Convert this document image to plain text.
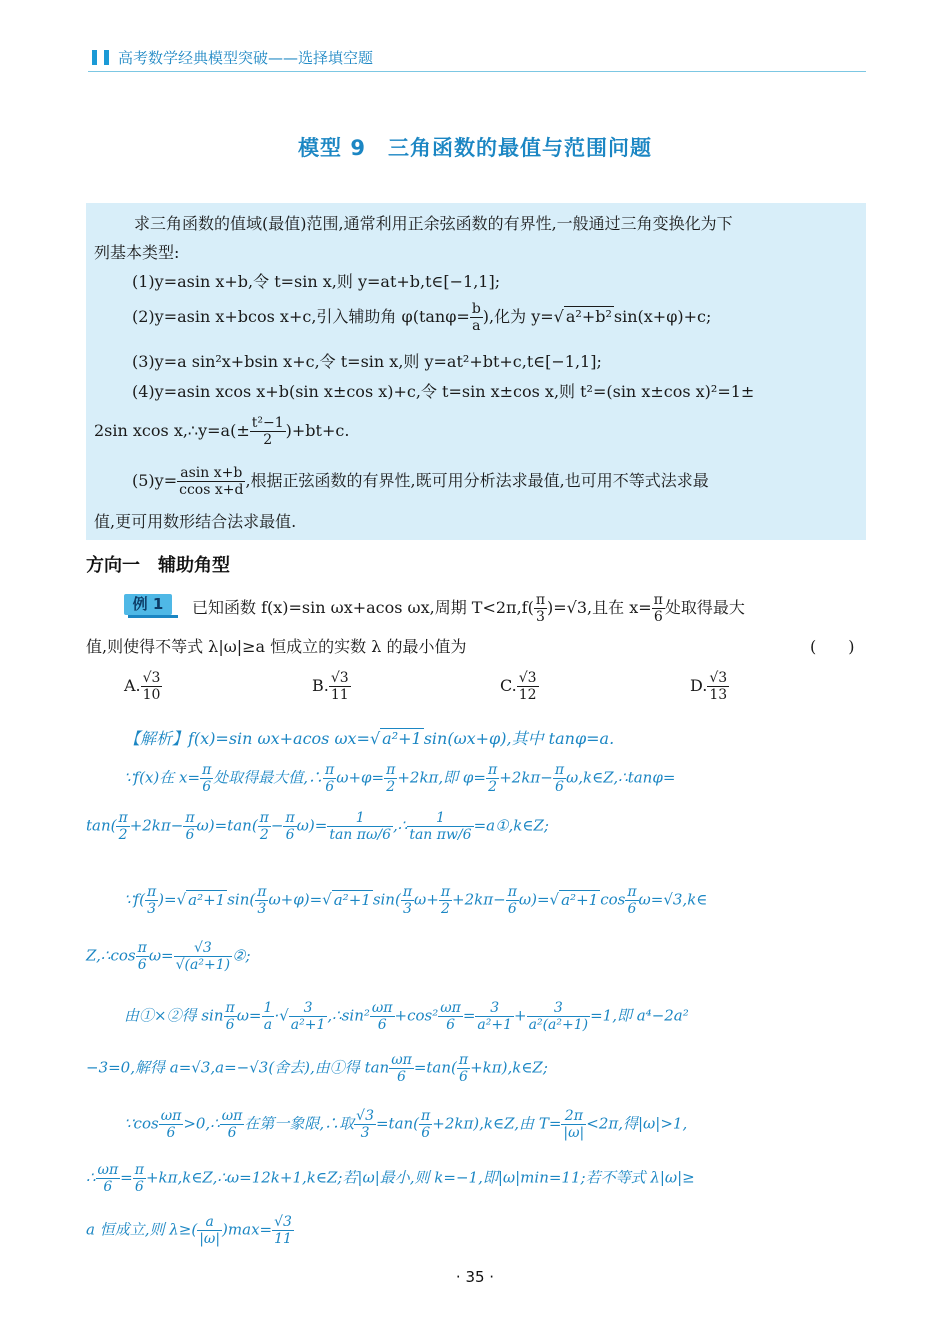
高考数学经典模型突破——选择填空题
模型 9　三角函数的最值与范围问题
求三角函数的值域(最值)范围,通常利用正余弦函数的有界性,一般通过三角变换化为下
列基本类型:
(1)y=asin x+b,令 t=sin x,则 y=at+b,t∈[−1,1];
(2)y=asin x+bcos x+c,引入辅助角 $\varphi(\tan\varphi= \frac{b}{a}$ ),化为 y=√ a²+b² sin(x+φ)+c;
(3)y=a sin²x+bsin x+c,令 t=sin x,则 y=at²+bt+c,t∈[−1,1];
(4)y=asin xcos x+b(sin x±cos x)+c,令 t=sin x±cos x,则 t²=(sin x±cos x)²=1±
2sin xcos x,∴y=a(± $\frac{\text{t²−1}}{2} )+bt+c$.
$(5)y= \frac{\text{asin x+b}}{\text{ccos x+d}}$ ,根据正弦函数的有界性,既可用分析法求最值,也可用不等式法求最
值,更可用数形结合法求最值.
方向一　辅助角型
例 1	已知函数 f(x)=sin ωx+acos ωx,周期 $T<2\pi,f( \frac{\pi}{3} )=√3$,且在 $x= \frac{\pi}{6}$ 处取得最大
值,则使得不等式 λ|ω|≥a 恒成立的实数 λ 的最小值为	(　　)
A. $\frac{√3}{10}$	B. $\frac{√3}{11}$	C. $\frac{√3}{12}$	D. $\frac{√3}{13}$
【解析】f(x)=sin ωx+acos ωx=√ a²+1 sin(ωx+φ),其中 tanφ=a.
∵f(x)在 $x= \frac{\pi}{6}$ 处取得最大值,∴ $\frac{\pi}{6} \omega+\varphi= \frac{\pi}{2} +2k\pi$,即 $\varphi= \frac{\pi}{2} +2k\pi- \frac{\pi}{6}$ ω,k∈Z,∴tanφ=
$\tan( \frac{\pi}{2} +2k\pi- \frac{\pi}{6} \omega)=\tan( \frac{\pi}{2} - \frac{\pi}{6} \omega)= \frac{1}{\text{tan πω/6}}$ ,∴ $\frac{1}{\text{tan πw/6}}$ =a①,k∈Z;
∵f( $\frac{\pi}{3}$ )=√ a²+1 $\sin( \frac{\pi}{3} \omega+\varphi)=√$ a²+1 $\sin( \frac{\pi}{3} \omega+ \frac{\pi}{2} +2k\pi- \frac{\pi}{6} \omega)=√$ a²+1 $\cos \frac{\pi}{6}$ ω=√3,k∈
Z,∴cos $\frac{\pi}{6} \omega= \frac{√3}{\text{√(a²+1)}}$ ②;
由①×②得 $\sin \frac{\pi}{6} \omega= \frac{1}{a}$ ·√ $\frac{3}{\text{a²+1}}$ ,∴sin² $\frac{\omega\pi}{6} +\cos^2 \frac{\omega\pi}{6} = \frac{3}{\text{a²+1}} + \frac{3}{\text{a²(a²+1)}} =1$,即 a⁴−2a²
−3=0,解得 a=√3,a=−√3(舍去),由①得 $\tan \frac{\omega\pi}{6} =\tan( \frac{\pi}{6}$ +kπ),k∈Z;
∵cos $\frac{\omega\pi}{6}$ >0,∴ $\frac{\omega\pi}{6}$ 在第一象限,∴取 $\frac{√3}{3} =\tan( \frac{\pi}{6}$ +2kπ),k∈Z,由 $T= \frac{2\pi}{|\omega|} <2\pi$,得|ω|>1,
∴ $\frac{\omega\pi}{6} = \frac{\pi}{6}$ +kπ,k∈Z,∴ω=12k+1,k∈Z;若|ω|最小,则 k=−1,即|ω|min=11;若不等式 λ|ω|≥
a 恒成立,则 $\lambda\ge( \frac{a}{|\omega|} )\max= \frac{√3}{11}$
· 35 ·
